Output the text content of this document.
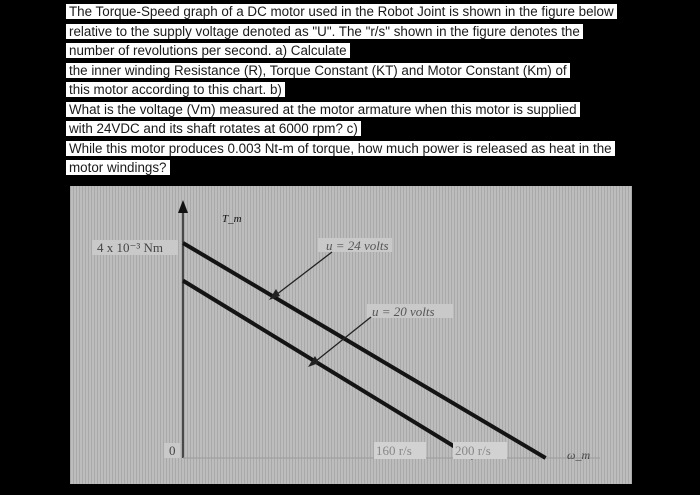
The Torque-Speed graph of a DC motor used in the Robot Joint is shown in the figure below
relative to the supply voltage denoted as "U". The "r/s" shown in the figure denotes the
number of revolutions per second. a) Calculate
the inner winding Resistance (R), Torque Constant (KT) and Motor Constant (Km) of
this motor according to this chart. b)
What is the voltage (Vm) measured at the motor armature when this motor is supplied
with 24VDC and its shaft rotates at 6000 rpm? c)
While this motor produces 0.003 Nt-m of torque, how much power is released as heat in the
motor windings?
T_m
4 x 10⁻³ Nm
0
u = 24 volts
u = 20 volts
160 r/s	200 r/s	ω_m
